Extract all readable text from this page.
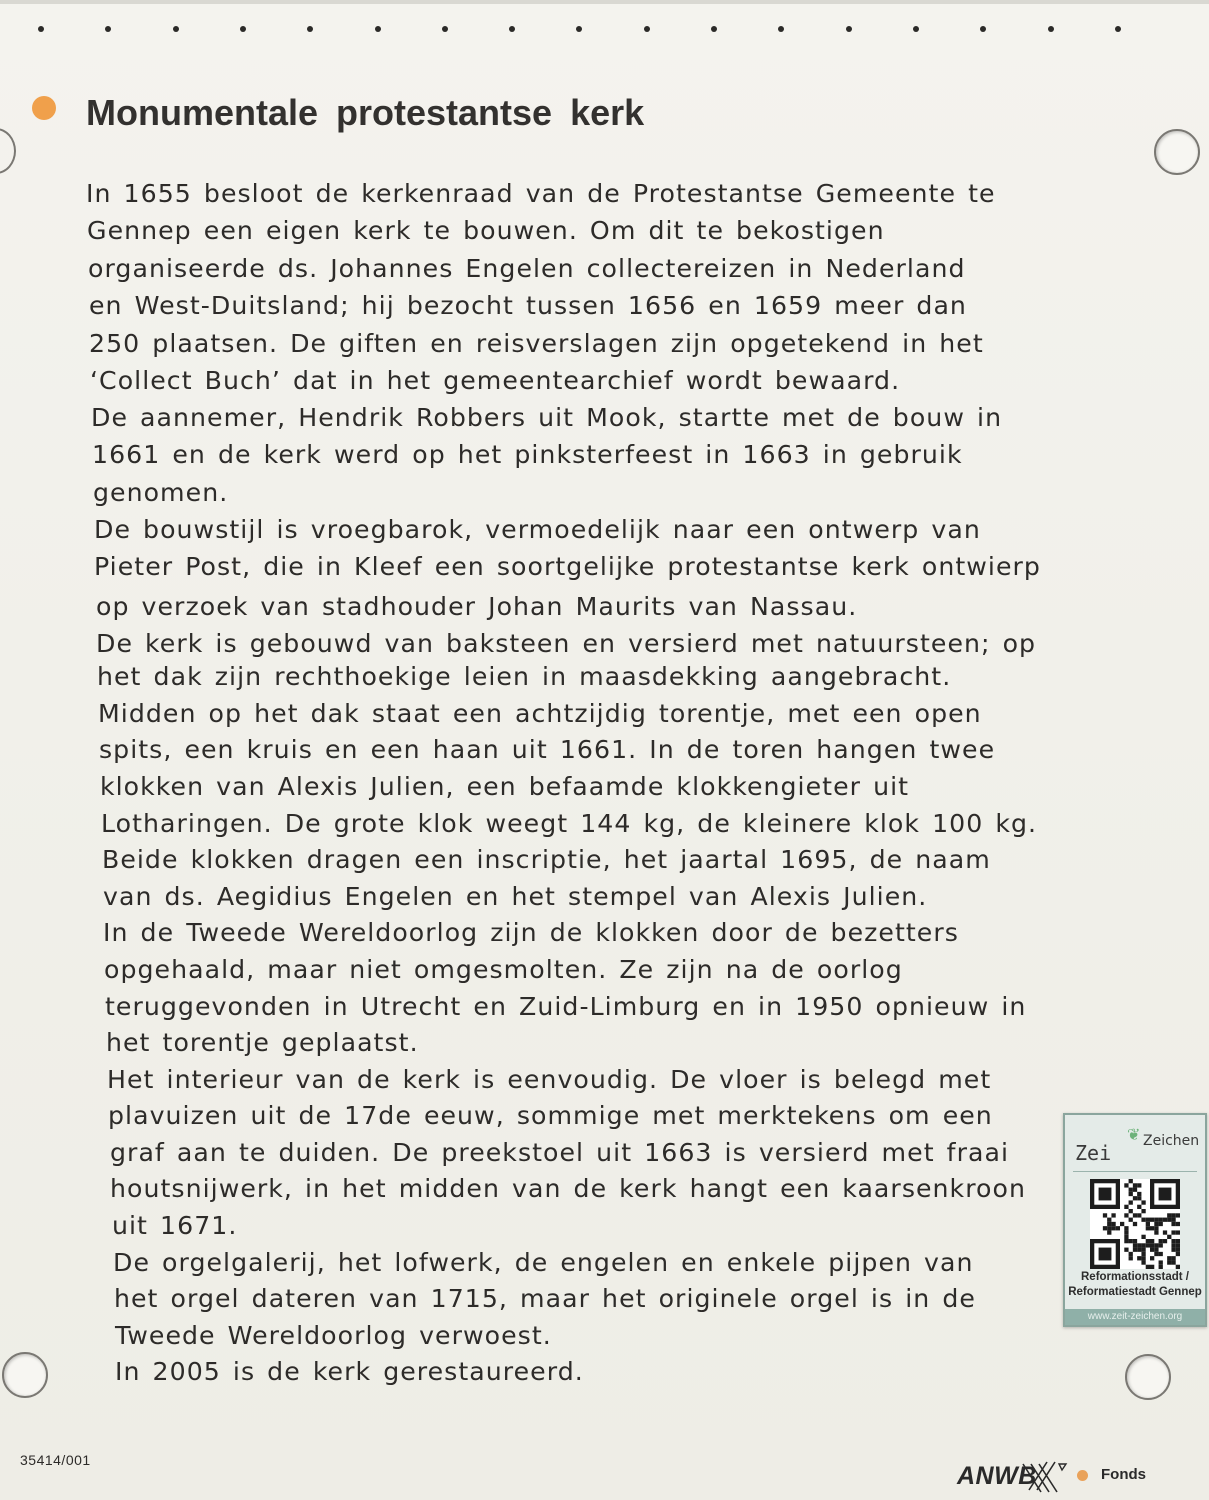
Monumentale protestantse kerk
In 1655 besloot de kerkenraad van de Protestantse Gemeente te
Gennep een eigen kerk te bouwen. Om dit te bekostigen
organiseerde ds. Johannes Engelen collectereizen in Nederland
en West-Duitsland; hij bezocht tussen 1656 en 1659 meer dan
250 plaatsen. De giften en reisverslagen zijn opgetekend in het
‘Collect Buch’ dat in het gemeentearchief wordt bewaard.
De aannemer, Hendrik Robbers uit Mook, startte met de bouw in
1661 en de kerk werd op het pinksterfeest in 1663 in gebruik
genomen.
De bouwstijl is vroegbarok, vermoedelijk naar een ontwerp van
Pieter Post, die in Kleef een soortgelijke protestantse kerk ontwierp
op verzoek van stadhouder Johan Maurits van Nassau.
De kerk is gebouwd van baksteen en versierd met natuursteen; op
het dak zijn rechthoekige leien in maasdekking aangebracht.
Midden op het dak staat een achtzijdig torentje, met een open
spits, een kruis en een haan uit 1661. In de toren hangen twee
klokken van Alexis Julien, een befaamde klokkengieter uit
Lotharingen. De grote klok weegt 144 kg, de kleinere klok 100 kg.
Beide klokken dragen een inscriptie, het jaartal 1695, de naam
van ds. Aegidius Engelen en het stempel van Alexis Julien.
In de Tweede Wereldoorlog zijn de klokken door de bezetters
opgehaald, maar niet omgesmolten. Ze zijn na de oorlog
teruggevonden in Utrecht en Zuid-Limburg en in 1950 opnieuw in
het torentje geplaatst.
Het interieur van de kerk is eenvoudig. De vloer is belegd met
plavuizen uit de 17de eeuw, sommige met merktekens om een
graf aan te duiden. De preekstoel uit 1663 is versierd met fraai
houtsnijwerk, in het midden van de kerk hangt een kaarsenkroon
uit 1671.
De orgelgalerij, het lofwerk, de engelen en enkele pijpen van
het orgel dateren van 1715, maar het originele orgel is in de
Tweede Wereldoorlog verwoest.
In 2005 is de kerk gerestaureerd.
❦
Zei Zeichen
Reformationsstadt /
Reformatiestadt Gennep
www.zeit-zeichen.org
35414/001
ANWB	Fonds
